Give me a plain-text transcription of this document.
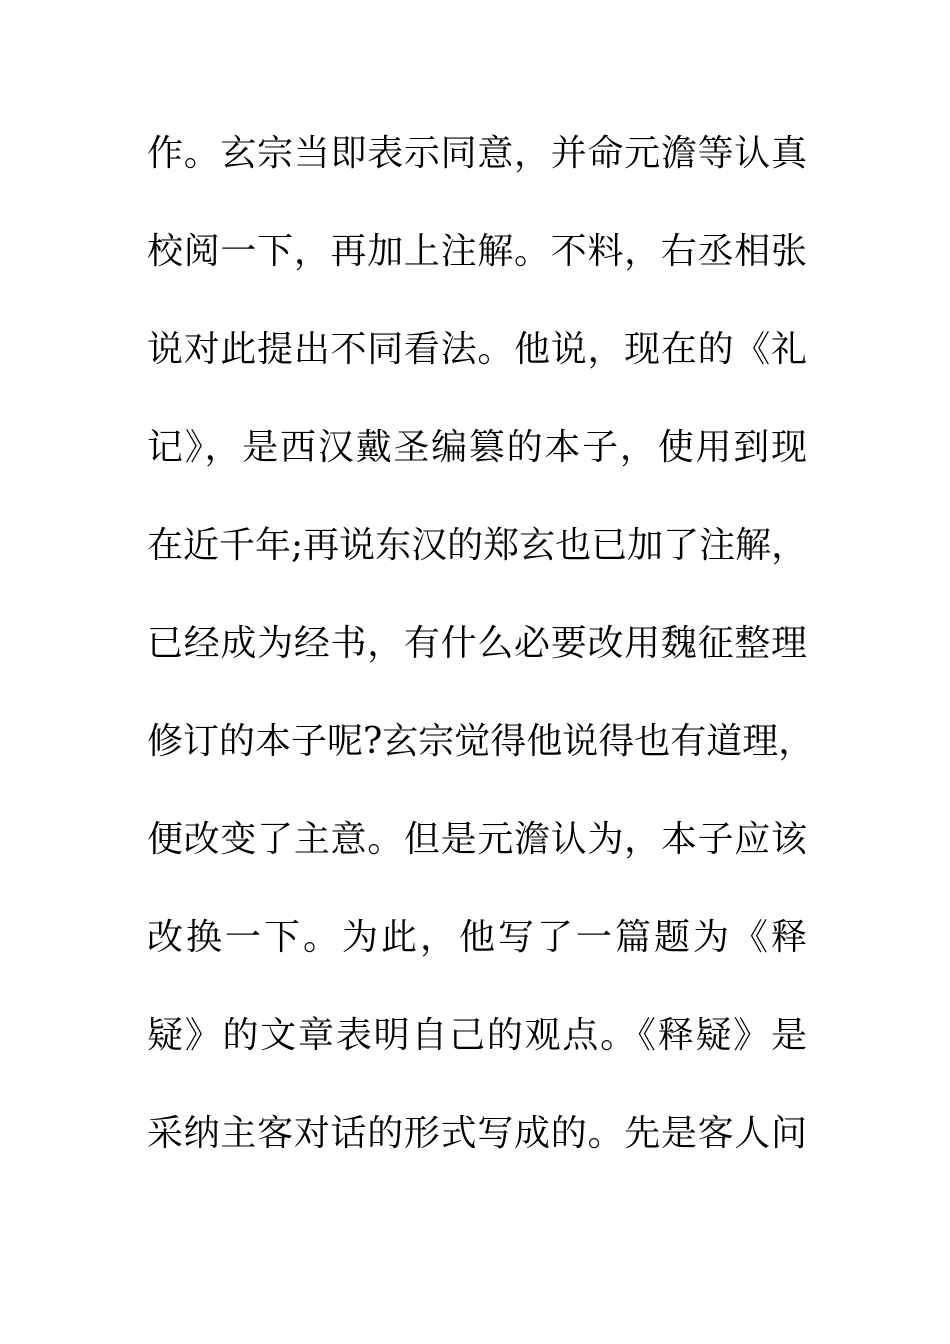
作。玄宗当即表示同意，并命元澹等认真
校阅一下，再加上注解。不料，右丞相张
说对此提出不同看法。他说，现在的《礼
记》，是西汉戴圣编篡的本子，使用到现
在近千年;再说东汉的郑玄也已加了注解，
已经成为经书，有什么必要改用魏征整理
修订的本子呢?玄宗觉得他说得也有道理，
便改变了主意。但是元澹认为，本子应该
改换一下。为此，他写了一篇题为《释
疑》的文章表明自己的观点。《释疑》是
采纳主客对话的形式写成的。先是客人问
